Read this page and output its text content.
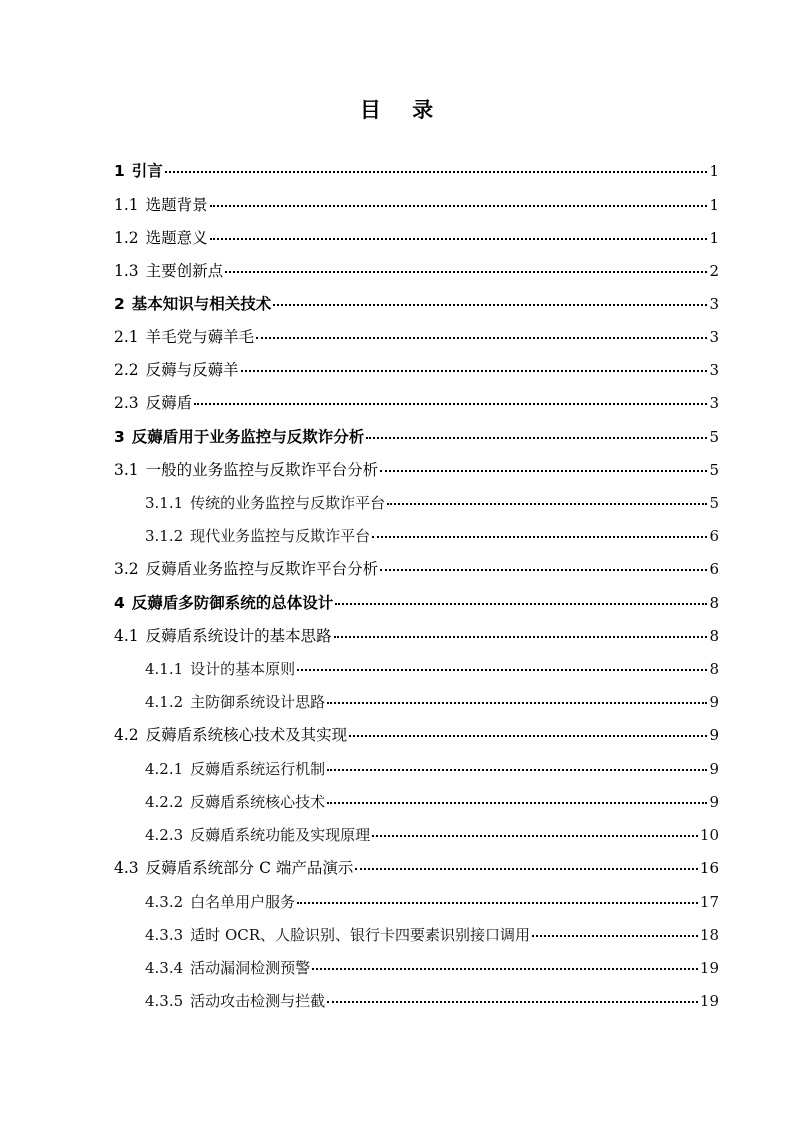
目 录
1 引言	1
1.1 选题背景	1
1.2 选题意义	1
1.3 主要创新点	2
2 基本知识与相关技术	3
2.1 羊毛党与薅羊毛	3
2.2 反薅与反薅羊	3
2.3 反薅盾	3
3 反薅盾用于业务监控与反欺诈分析	5
3.1 一般的业务监控与反欺诈平台分析	5
3.1.1 传统的业务监控与反欺诈平台	5
3.1.2 现代业务监控与反欺诈平台	6
3.2 反薅盾业务监控与反欺诈平台分析	6
4 反薅盾多防御系统的总体设计	8
4.1 反薅盾系统设计的基本思路	8
4.1.1 设计的基本原则	8
4.1.2 主防御系统设计思路	9
4.2 反薅盾系统核心技术及其实现	9
4.2.1 反薅盾系统运行机制	9
4.2.2 反薅盾系统核心技术	9
4.2.3 反薅盾系统功能及实现原理	10
4.3 反薅盾系统部分 C 端产品演示	16
4.3.2 白名单用户服务	17
4.3.3 适时 OCR、人脸识别、银行卡四要素识别接口调用	18
4.3.4 活动漏洞检测预警	19
4.3.5 活动攻击检测与拦截	19
